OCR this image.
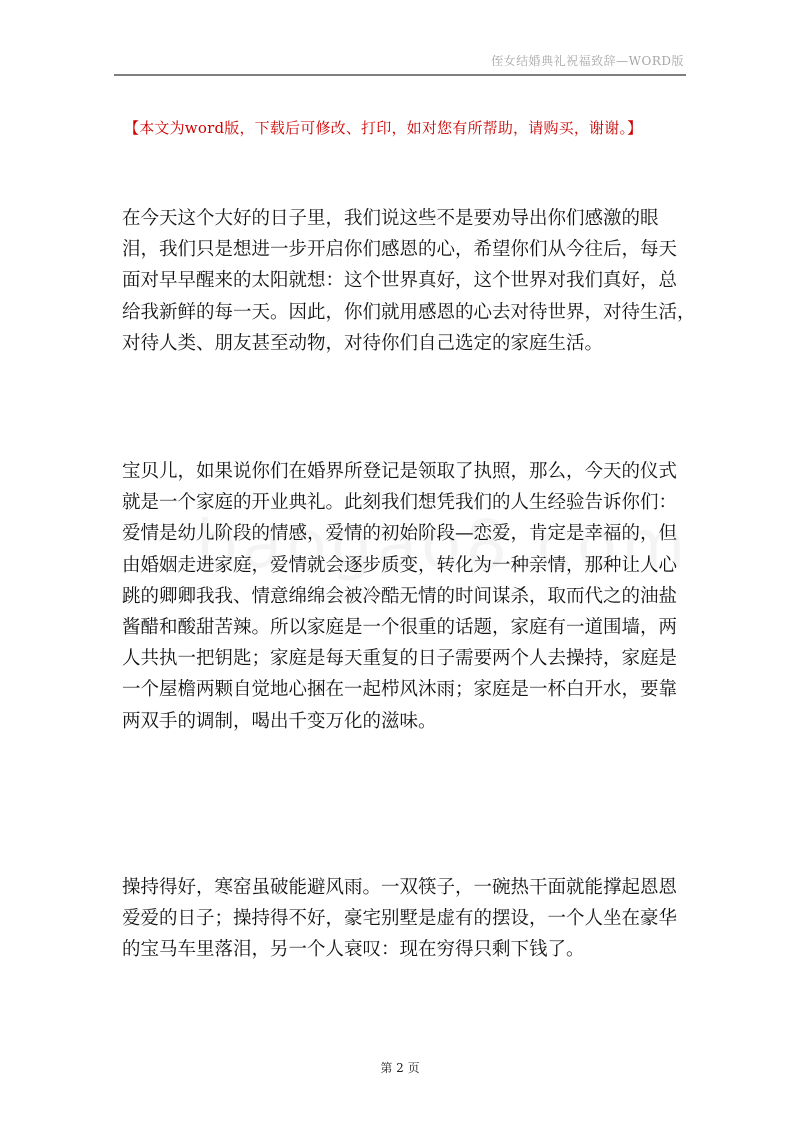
侄女结婚典礼祝福致辞—WORD版
【本文为word版，下载后可修改、打印，如对您有所帮助，请购买，谢谢。】

在今天这个大好的日子里，我们说这些不是要劝导出你们感激的眼
泪，我们只是想进一步开启你们感恩的心，希望你们从今往后，每天
面对早早醒来的太阳就想：这个世界真好，这个世界对我们真好，总
给我新鲜的每一天。因此，你们就用感恩的心去对待世界，对待生活，
对待人类、朋友甚至动物，对待你们自己选定的家庭生活。

宝贝儿，如果说你们在婚界所登记是领取了执照，那么，今天的仪式
就是一个家庭的开业典礼。此刻我们想凭我们的人生经验告诉你们：
爱情是幼儿阶段的情感，爱情的初始阶段—恋爱，肯定是幸福的，但
由婚姻走进家庭，爱情就会逐步质变，转化为一种亲情，那种让人心
跳的卿卿我我、情意绵绵会被冷酷无情的时间谋杀，取而代之的油盐
酱醋和酸甜苦辣。所以家庭是一个很重的话题，家庭有一道围墙，两
人共执一把钥匙；家庭是每天重复的日子需要两个人去操持，家庭是
一个屋檐两颗自觉地心捆在一起栉风沐雨；家庭是一杯白开水，要靠
两双手的调制，喝出千变万化的滋味。

操持得好，寒窑虽破能避风雨。一双筷子，一碗热干面就能撑起恩恩
爱爱的日子；操持得不好，豪宅别墅是虚有的摆设，一个人坐在豪华
的宝马车里落泪，另一个人衰叹：现在穷得只剩下钱了。

第 2 页
